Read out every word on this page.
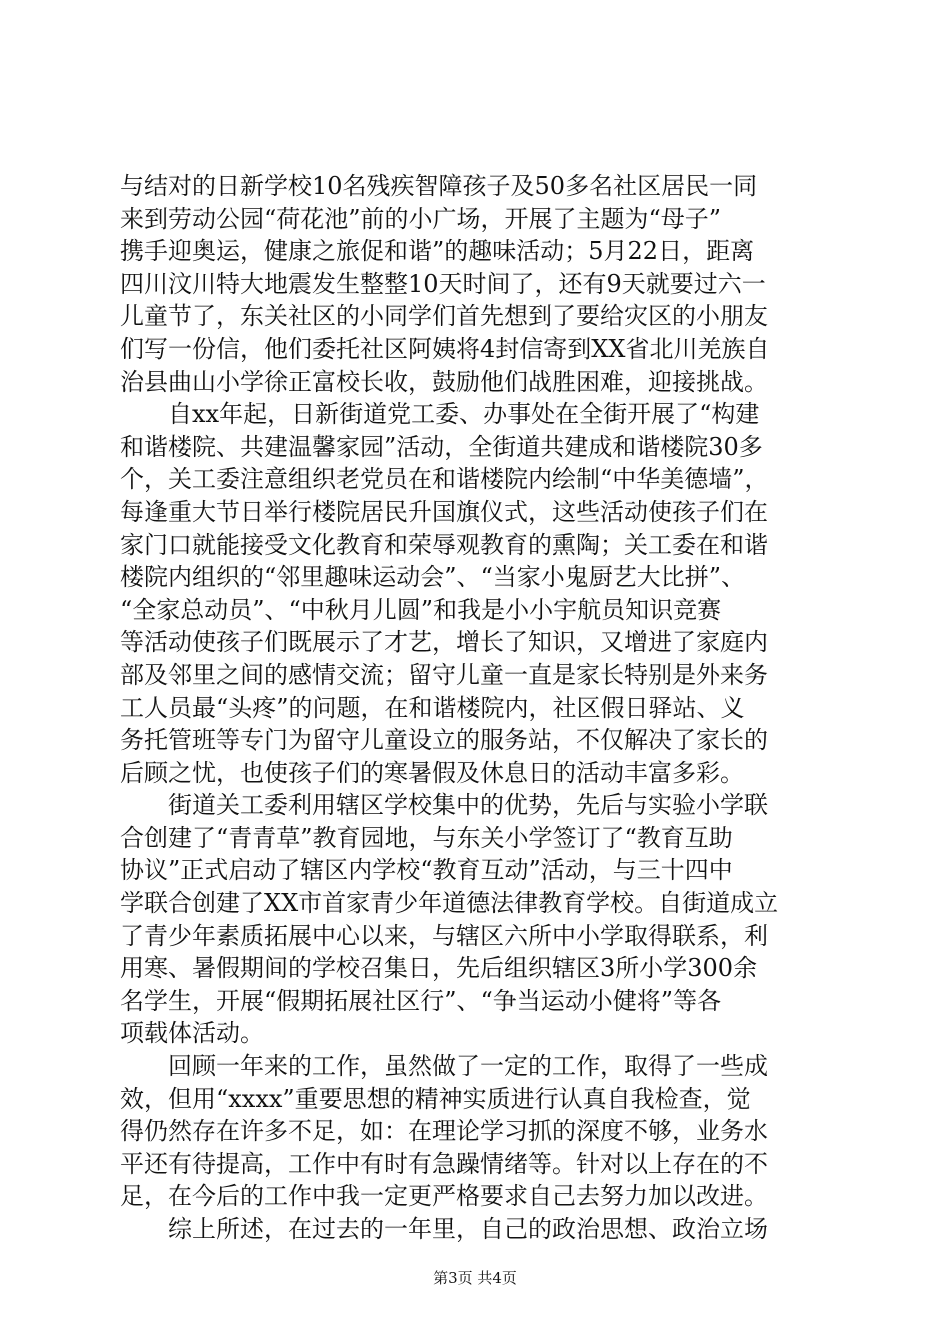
与结对的日新学校10名残疾智障孩子及50多名社区居民一同
来到劳动公园“荷花池”前的小广场，开展了主题为“母子”
携手迎奥运，健康之旅促和谐”的趣味活动；5月22日，距离
四川汶川特大地震发生整整10天时间了，还有9天就要过六一
儿童节了，东关社区的小同学们首先想到了要给灾区的小朋友
们写一份信，他们委托社区阿姨将4封信寄到XX省北川羌族自
治县曲山小学徐正富校长收，鼓励他们战胜困难，迎接挑战。
　　自xx年起，日新街道党工委、办事处在全街开展了“构建
和谐楼院、共建温馨家园”活动，全街道共建成和谐楼院30多
个，关工委注意组织老党员在和谐楼院内绘制“中华美德墙”，
每逢重大节日举行楼院居民升国旗仪式，这些活动使孩子们在
家门口就能接受文化教育和荣辱观教育的熏陶；关工委在和谐
楼院内组织的“邻里趣味运动会”、“当家小鬼厨艺大比拼”、
“全家总动员”、“中秋月儿圆”和我是小小宇航员知识竞赛
等活动使孩子们既展示了才艺，增长了知识，又增进了家庭内
部及邻里之间的感情交流；留守儿童一直是家长特别是外来务
工人员最“头疼”的问题，在和谐楼院内，社区假日驿站、义
务托管班等专门为留守儿童设立的服务站，不仅解决了家长的
后顾之忧，也使孩子们的寒暑假及休息日的活动丰富多彩。
　　街道关工委利用辖区学校集中的优势，先后与实验小学联
合创建了“青青草”教育园地，与东关小学签订了“教育互助
协议”正式启动了辖区内学校“教育互动”活动，与三十四中
学联合创建了XX市首家青少年道德法律教育学校。自街道成立
了青少年素质拓展中心以来，与辖区六所中小学取得联系，利
用寒、暑假期间的学校召集日，先后组织辖区3所小学300余
名学生，开展“假期拓展社区行”、“争当运动小健将”等各
项载体活动。
　　回顾一年来的工作，虽然做了一定的工作，取得了一些成
效，但用“xxxx”重要思想的精神实质进行认真自我检查，觉
得仍然存在许多不足，如：在理论学习抓的深度不够，业务水
平还有待提高，工作中有时有急躁情绪等。针对以上存在的不
足，在今后的工作中我一定更严格要求自己去努力加以改进。
　　综上所述，在过去的一年里，自己的政治思想、政治立场
第3页 共4页
